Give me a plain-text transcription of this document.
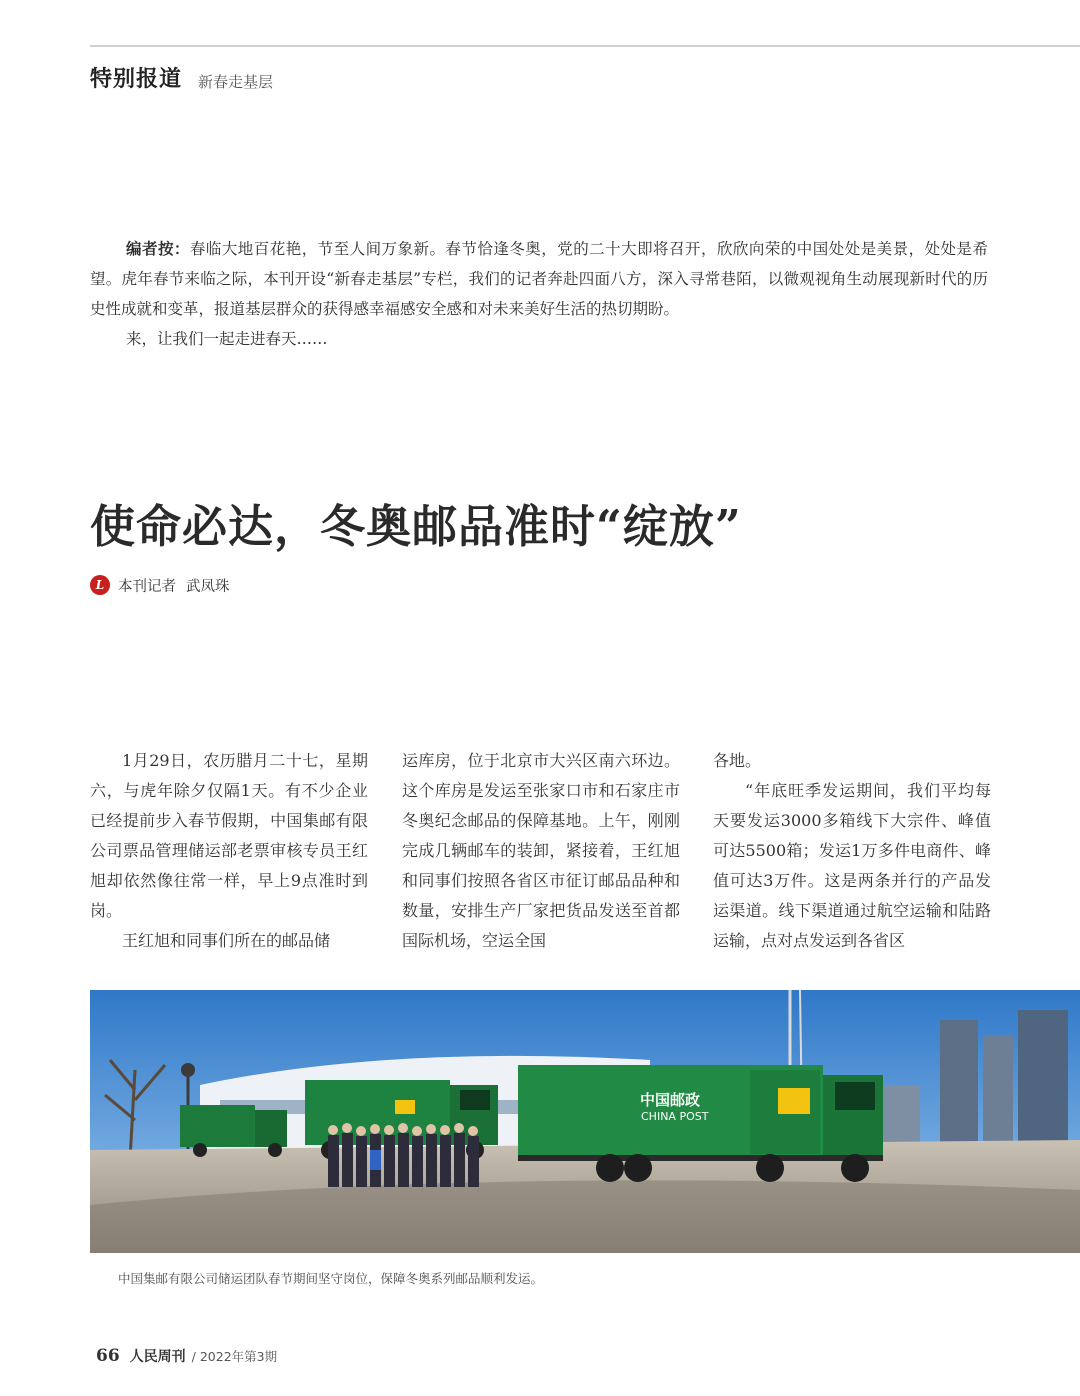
特别报道 新春走基层

编者按：春临大地百花艳，节至人间万象新。春节恰逢冬奥，党的二十大即将召开，欣欣向荣的中国处处是美景，处处是希望。虎年春节来临之际，本刊开设“新春走基层”专栏，我们的记者奔赴四面八方，深入寻常巷陌，以微观视角生动展现新时代的历史性成就和变革，报道基层群众的获得感幸福感安全感和对未来美好生活的热切期盼。

来，让我们一起走进春天……

使命必达，冬奥邮品准时“绽放”
L 本刊记者 武凤珠

1月29日，农历腊月二十七，星期六，与虎年除夕仅隔1天。有不少企业已经提前步入春节假期，中国集邮有限公司票品管理储运部老票审核专员王红旭却依然像往常一样，早上9点准时到岗。

王红旭和同事们所在的邮品储

运库房，位于北京市大兴区南六环边。这个库房是发运至张家口市和石家庄市冬奥纪念邮品的保障基地。上午，刚刚完成几辆邮车的装卸，紧接着，王红旭和同事们按照各省区市征订邮品品种和数量，安排生产厂家把货品发送至首都国际机场，空运全国

各地。

“年底旺季发运期间，我们平均每天要发运3000多箱线下大宗件、峰值可达5500箱；发运1万多件电商件、峰值可达3万件。这是两条并行的产品发运渠道。线下渠道通过航空运输和陆路运输，点对点发运到各省区

中国邮政
CHINA POST
中国集邮有限公司储运团队春节期间坚守岗位，保障冬奥系列邮品顺利发运。
66 人民周刊 / 2022年第3期
